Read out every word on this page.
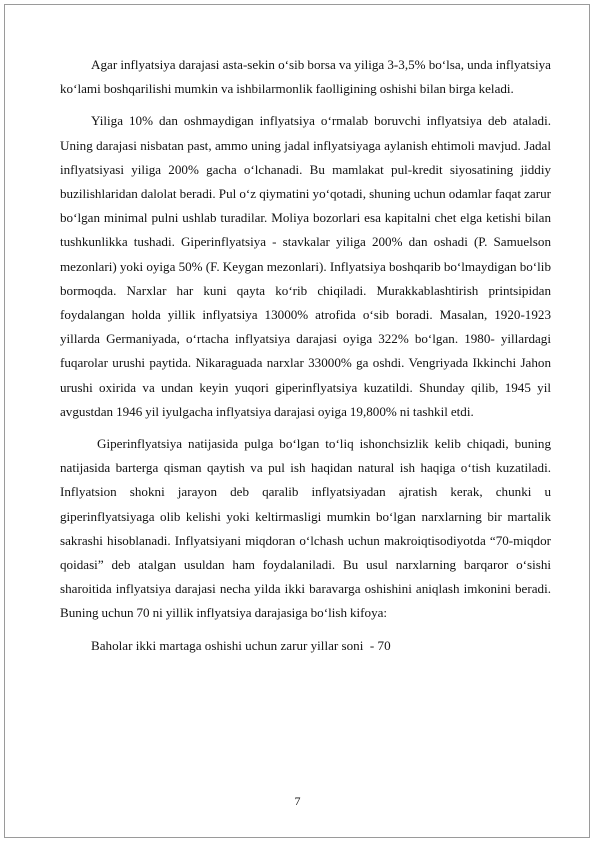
Agar inflyatsiya darajasi asta-sekin o‘sib borsa va yiliga 3-3,5% bo‘lsa, unda inflyatsiya ko‘lami boshqarilishi mumkin va ishbilarmonlik faolligining oshishi bilan birga keladi.

Yiliga 10% dan oshmaydigan inflyatsiya o‘rmalab boruvchi inflyatsiya deb ataladi. Uning darajasi nisbatan past, ammo uning jadal inflyatsiyaga aylanish ehtimoli mavjud. Jadal inflyatsiyasi yiliga 200% gacha o‘lchanadi. Bu mamlakat pul-kredit siyosatining jiddiy buzilishlaridan dalolat beradi. Pul o‘z qiymatini yo‘qotadi, shuning uchun odamlar faqat zarur bo‘lgan minimal pulni ushlab turadilar. Moliya bozorlari esa kapitalni chet elga ketishi bilan tushkunlikka tushadi. Giperinflyatsiya - stavkalar yiliga 200% dan oshadi (P. Samuelson mezonlari) yoki oyiga 50% (F. Keygan mezonlari). Inflyatsiya boshqarib bo‘lmaydigan bo‘lib bormoqda. Narxlar har kuni qayta ko‘rib chiqiladi. Murakkablashtirish printsipidan foydalangan holda yillik inflyatsiya 13000% atrofida o‘sib boradi. Masalan, 1920-1923 yillarda Germaniyada, o‘rtacha inflyatsiya darajasi oyiga 322% bo‘lgan. 1980- yillardagi fuqarolar urushi paytida. Nikaraguada narxlar 33000% ga oshdi. Vengriyada Ikkinchi Jahon urushi oxirida va undan keyin yuqori giperinflyatsiya kuzatildi. Shunday qilib, 1945 yil avgustdan 1946 yil iyulgacha inflyatsiya darajasi oyiga 19,800% ni tashkil etdi.

Giperinflyatsiya natijasida pulga bo‘lgan to‘liq ishonchsizlik kelib chiqadi, buning natijasida barterga qisman qaytish va pul ish haqidan natural ish haqiga o‘tish kuzatiladi. Inflyatsion shokni jarayon deb qaralib inflyatsiyadan ajratish kerak, chunki u giperinflyatsiyaga olib kelishi yoki keltirmasligi mumkin bo‘lgan narxlarning bir martalik sakrashi hisoblanadi. Inflyatsiyani miqdoran o‘lchash uchun makroiqtisodiyotda “70-miqdor qoidasi” deb atalgan usuldan ham foydalaniladi. Bu usul narxlarning barqaror o‘sishi sharoitida inflyatsiya darajasi necha yilda ikki baravarga oshishini aniqlash imkonini beradi. Buning uchun 70 ni yillik inflyatsiya darajasiga bo‘lish kifoya:

Baholar ikki martaga oshishi uchun zarur yillar soni  - 70

7
